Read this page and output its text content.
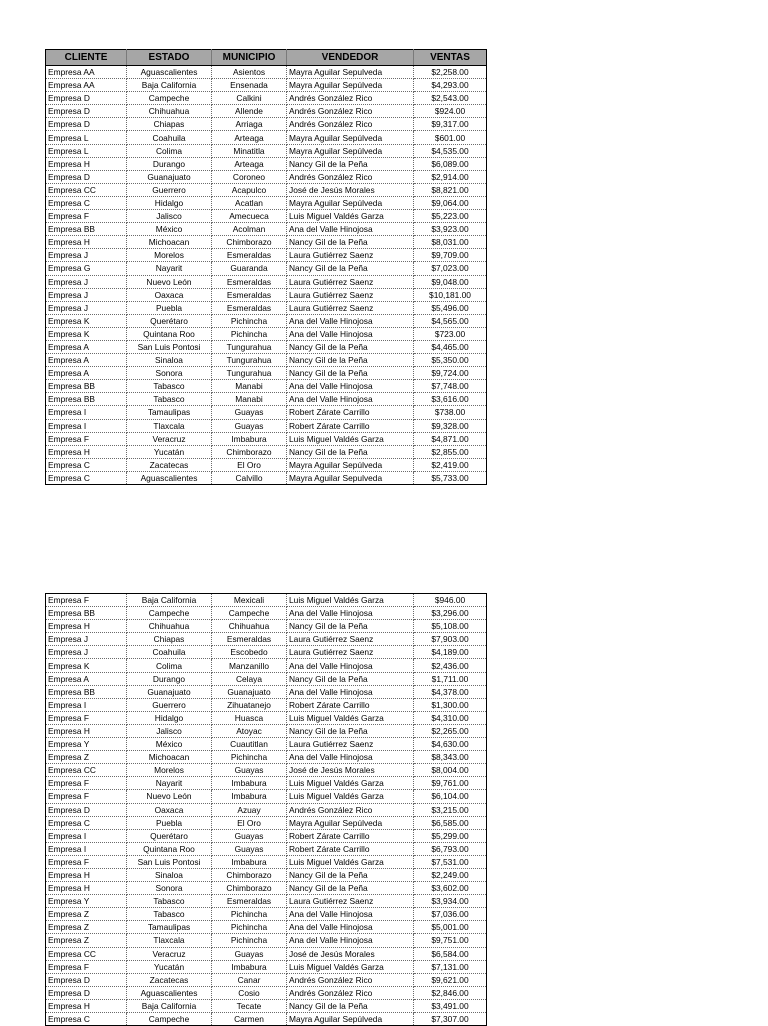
CLIENTE	ESTADO	MUNICIPIO	VENDEDOR	VENTAS
Empresa AA	Aguascalientes	Asientos	Mayra Aguilar Sepulveda	$2,258.00
Empresa AA	Baja California	Ensenada	Mayra Aguilar Sepúlveda	$4,293.00
Empresa D	Campeche	Calkini	Andrés González Rico	$2,543.00
Empresa D	Chihuahua	Allende	Andrés González Rico	$924.00
Empresa D	Chiapas	Arriaga	Andrés González Rico	$9,317.00
Empresa L	Coahuila	Arteaga	Mayra Aguilar Sepúlveda	$601.00
Empresa L	Colima	Minatitla	Mayra Aguilar Sepúlveda	$4,535.00
Empresa H	Durango	Arteaga	Nancy Gil de la Peña	$6,089.00
Empresa D	Guanajuato	Coroneo	Andrés González Rico	$2,914.00
Empresa CC	Guerrero	Acapulco	José de Jesús Morales	$8,821.00
Empresa C	Hidalgo	Acatlan	Mayra Aguilar Sepúlveda	$9,064.00
Empresa F	Jalisco	Amecueca	Luis Miguel Valdés Garza	$5,223.00
Empresa BB	México	Acolman	Ana del Valle Hinojosa	$3,923.00
Empresa H	Michoacan	Chimborazo	Nancy Gil de la Peña	$8,031.00
Empresa J	Morelos	Esmeraldas	Laura Gutiérrez Saenz	$9,709.00
Empresa G	Nayarit	Guaranda	Nancy Gil de la Peña	$7,023.00
Empresa J	Nuevo León	Esmeraldas	Laura Gutiérrez Saenz	$9,048.00
Empresa J	Oaxaca	Esmeraldas	Laura Gutiérrez Saenz	$10,181.00
Empresa J	Puebla	Esmeraldas	Laura Gutiérrez Saenz	$5,496.00
Empresa K	Querétaro	Pichincha	Ana del Valle Hinojosa	$4,565.00
Empresa K	Quintana Roo	Pichincha	Ana del Valle Hinojosa	$723.00
Empresa A	San Luis Pontosi	Tungurahua	Nancy Gil de la Peña	$4,465.00
Empresa A	Sinaloa	Tungurahua	Nancy Gil de la Peña	$5,350.00
Empresa A	Sonora	Tungurahua	Nancy Gil de la Peña	$9,724.00
Empresa BB	Tabasco	Manabi	Ana del Valle Hinojosa	$7,748.00
Empresa BB	Tabasco	Manabi	Ana del Valle Hinojosa	$3,616.00
Empresa I	Tamaulipas	Guayas	Robert Zárate Carrillo	$738.00
Empresa I	Tlaxcala	Guayas	Robert Zárate Carrillo	$9,328.00
Empresa F	Veracruz	Imbabura	Luis Miguel Valdés Garza	$4,871.00
Empresa H	Yucatán	Chimborazo	Nancy Gil de la Peña	$2,855.00
Empresa C	Zacatecas	El Oro	Mayra Aguilar Sepúlveda	$2,419.00
Empresa C	Aguascalientes	Calvillo	Mayra Aguilar Sepulveda	$5,733.00
Empresa F	Baja California	Mexicali	Luis Miguel Valdés Garza	$946.00
Empresa BB	Campeche	Campeche	Ana del Valle Hinojosa	$3,296.00
Empresa H	Chihuahua	Chihuahua	Nancy Gil de la Peña	$5,108.00
Empresa J	Chiapas	Esmeraldas	Laura Gutiérrez Saenz	$7,903.00
Empresa J	Coahuila	Escobedo	Laura Gutiérrez Saenz	$4,189.00
Empresa K	Colima	Manzanillo	Ana del Valle Hinojosa	$2,436.00
Empresa A	Durango	Celaya	Nancy Gil de la Peña	$1,711.00
Empresa BB	Guanajuato	Guanajuato	Ana del Valle Hinojosa	$4,378.00
Empresa I	Guerrero	Zihuatanejo	Robert Zárate Carrillo	$1,300.00
Empresa F	Hidalgo	Huasca	Luis Miguel Valdés Garza	$4,310.00
Empresa H	Jalisco	Atoyac	Nancy Gil de la Peña	$2,265.00
Empresa Y	México	Cuautitlan	Laura Gutiérrez Saenz	$4,630.00
Empresa Z	Michoacan	Pichincha	Ana del Valle Hinojosa	$8,343.00
Empresa CC	Morelos	Guayas	José de Jesús Morales	$8,004.00
Empresa F	Nayarit	Imbabura	Luis Miguel Valdés Garza	$9,761.00
Empresa F	Nuevo León	Imbabura	Luis Miguel Valdés Garza	$6,104.00
Empresa D	Oaxaca	Azuay	Andrés González Rico	$3,215.00
Empresa C	Puebla	El Oro	Mayra Aguilar Sepúlveda	$6,585.00
Empresa I	Querétaro	Guayas	Robert Zárate Carrillo	$5,299.00
Empresa I	Quintana Roo	Guayas	Robert Zárate Carrillo	$6,793.00
Empresa F	San Luis Pontosi	Imbabura	Luis Miguel Valdés Garza	$7,531.00
Empresa H	Sinaloa	Chimborazo	Nancy Gil de la Peña	$2,249.00
Empresa H	Sonora	Chimborazo	Nancy Gil de la Peña	$3,602.00
Empresa Y	Tabasco	Esmeraldas	Laura Gutiérrez Saenz	$3,934.00
Empresa Z	Tabasco	Pichincha	Ana del Valle Hinojosa	$7,036.00
Empresa Z	Tamaulipas	Pichincha	Ana del Valle Hinojosa	$5,001.00
Empresa Z	Tlaxcala	Pichincha	Ana del Valle Hinojosa	$9,751.00
Empresa CC	Veracruz	Guayas	José de Jesús Morales	$6,584.00
Empresa F	Yucatán	Imbabura	Luis Miguel Valdés Garza	$7,131.00
Empresa D	Zacatecas	Canar	Andrés González Rico	$9,621.00
Empresa D	Aguascalientes	Cosio	Andrés González Rico	$2,846.00
Empresa H	Baja California	Tecate	Nancy Gil de la Peña	$3,491.00
Empresa C	Campeche	Carmen	Mayra Aguilar Sepúlveda	$7,307.00
